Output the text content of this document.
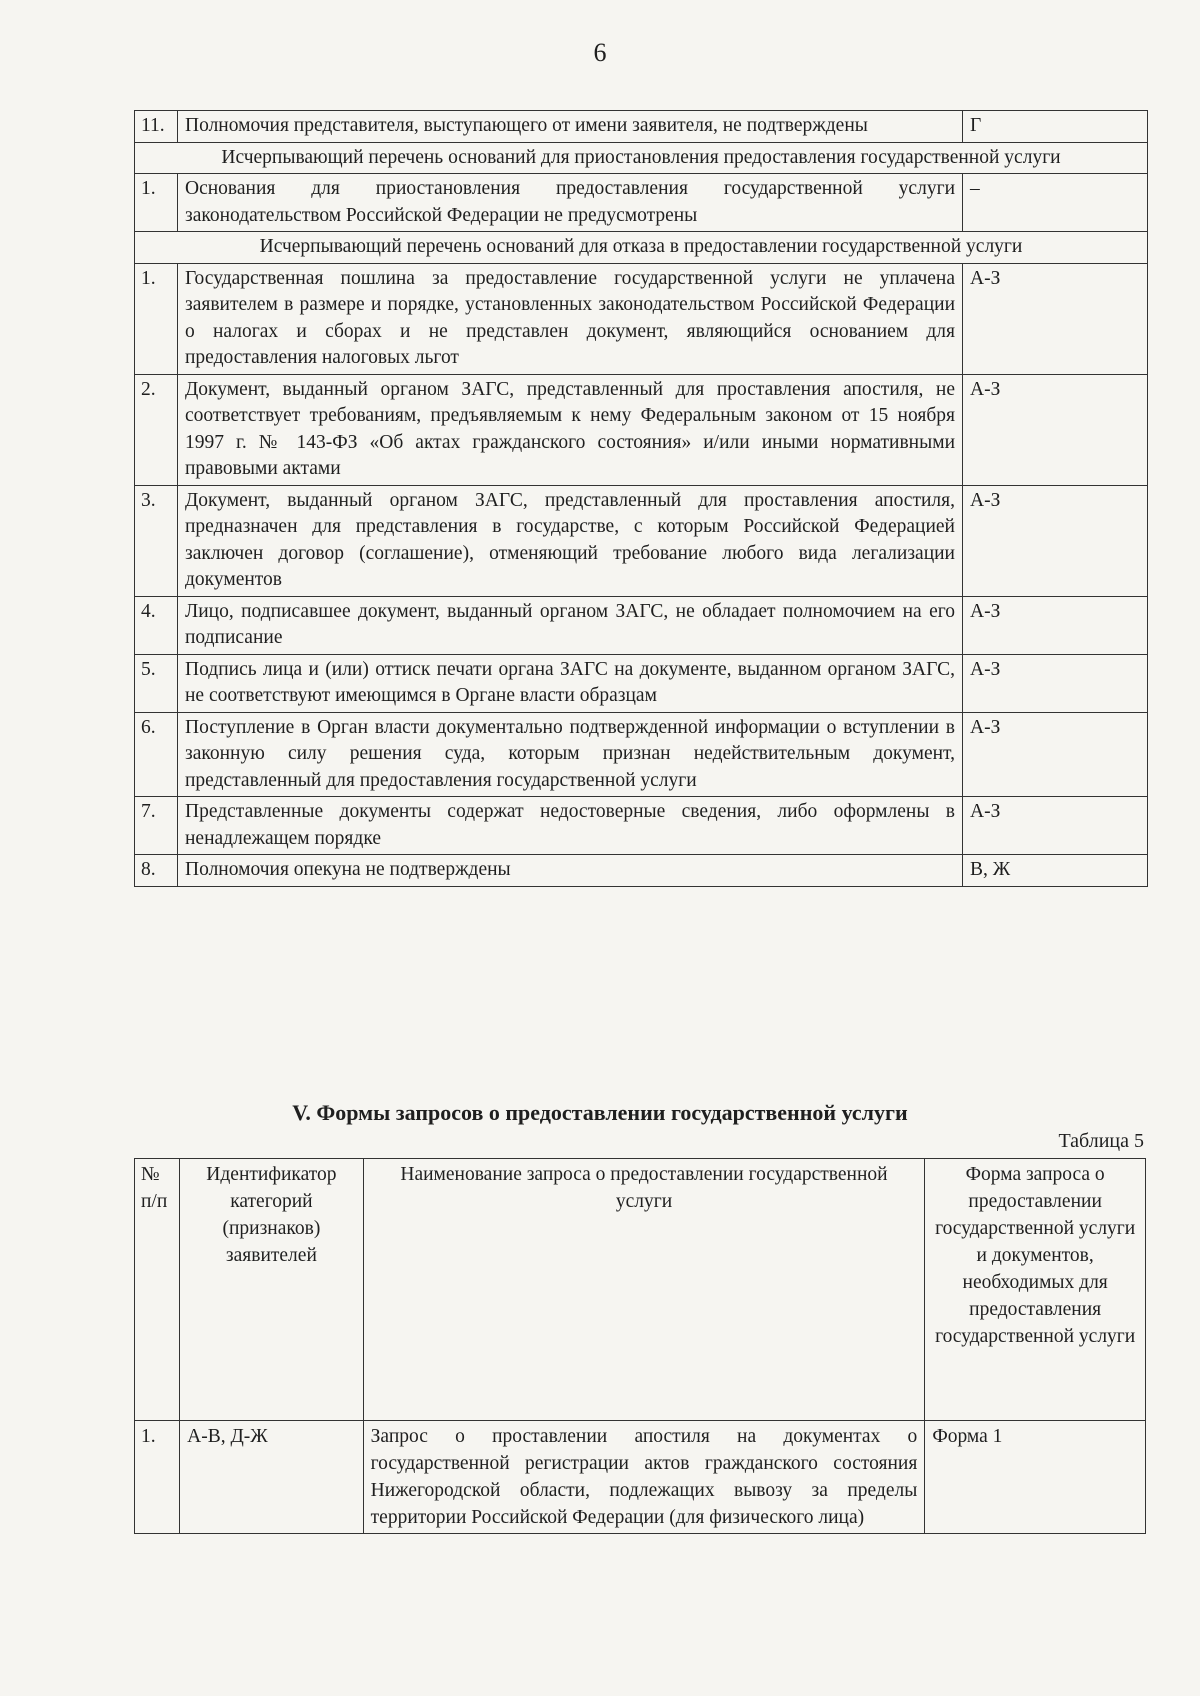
6
11.	Полномочия представителя, выступающего от имени заявителя, не подтверждены	Г
Исчерпывающий перечень оснований для приостановления предоставления государственной услуги		
1.	Основания для приостановления предоставления государственной услуги законодательством Российской Федерации не предусмотрены	–
Исчерпывающий перечень оснований для отказа в предоставлении государственной услуги		
1.	Государственная пошлина за предоставление государственной услуги не уплачена заявителем в размере и порядке, установленных законодательством Российской Федерации о налогах и сборах и не представлен документ, являющийся основанием для предоставления налоговых льгот	А-З
2.	Документ, выданный органом ЗАГС, представленный для проставления апостиля, не соответствует требованиям, предъявляемым к нему Федеральным законом от 15 ноября 1997 г. № 143-ФЗ «Об актах гражданского состояния» и/или иными нормативными правовыми актами	А-З
3.	Документ, выданный органом ЗАГС, представленный для проставления апостиля, предназначен для представления в государстве, с которым Российской Федерацией заключен договор (соглашение), отменяющий требование любого вида легализации документов	А-З
4.	Лицо, подписавшее документ, выданный органом ЗАГС, не обладает полномочием на его подписание	А-З
5.	Подпись лица и (или) оттиск печати органа ЗАГС на документе, выданном органом ЗАГС, не соответствуют имеющимся в Органе власти образцам	А-З
6.	Поступление в Орган власти документально подтвержденной информации о вступлении в законную силу решения суда, которым признан недействительным документ, представленный для предоставления государственной услуги	А-З
7.	Представленные документы содержат недостоверные сведения, либо оформлены в ненадлежащем порядке	А-З
8.	Полномочия опекуна не подтверждены	В, Ж
V. Формы запросов о предоставлении государственной услуги
Таблица 5
№
п/п	Идентификатор категорий (признаков) заявителей	Наименование запроса о предоставлении государственной услуги	Форма запроса о предоставлении государственной услуги и документов, необходимых для предоставления государственной услуги
1.	А-В, Д-Ж	Запрос о проставлении апостиля на документах о государственной регистрации актов гражданского состояния Нижегородской области, подлежащих вывозу за пределы территории Российской Федерации (для физического лица)	Форма 1
